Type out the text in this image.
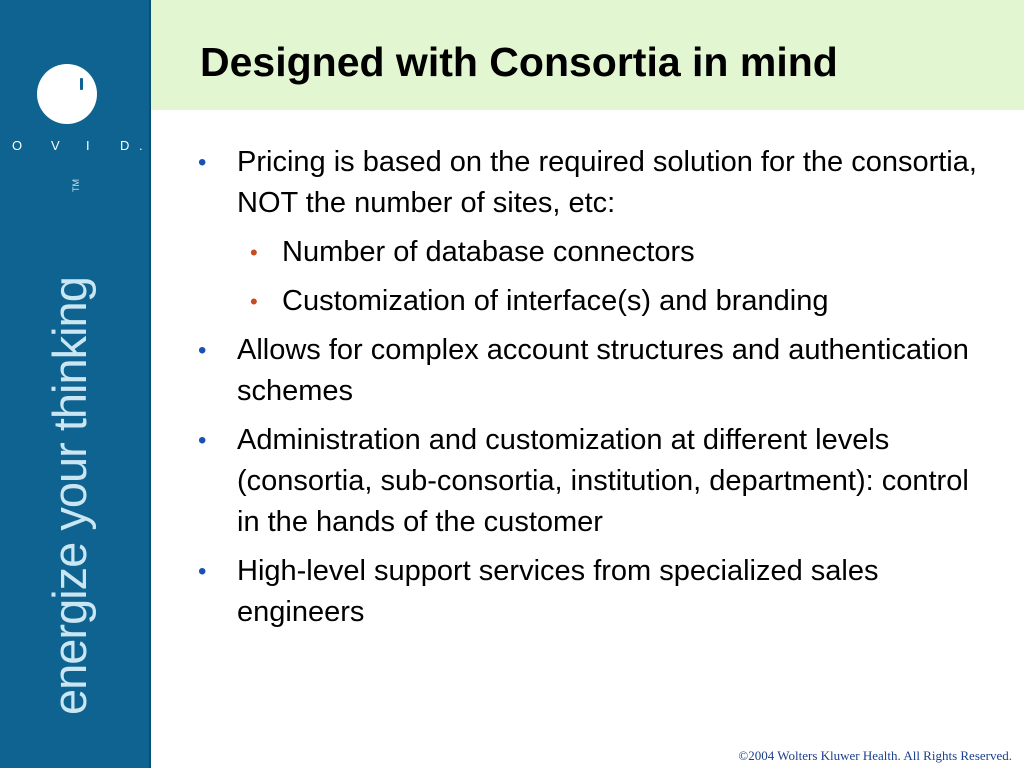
O V I D .
TM
energize your thinking
Designed with Consortia in mind
• Pricing is based on the required solution for the consortia, NOT the number of sites, etc:
• Number of database connectors
• Customization of interface(s) and branding
• Allows for complex account structures and authentication schemes
• Administration and customization at different levels (consortia, sub-consortia, institution, department): control in the hands of the customer
• High-level support services from specialized sales engineers
©2004 Wolters Kluwer Health. All Rights Reserved.
